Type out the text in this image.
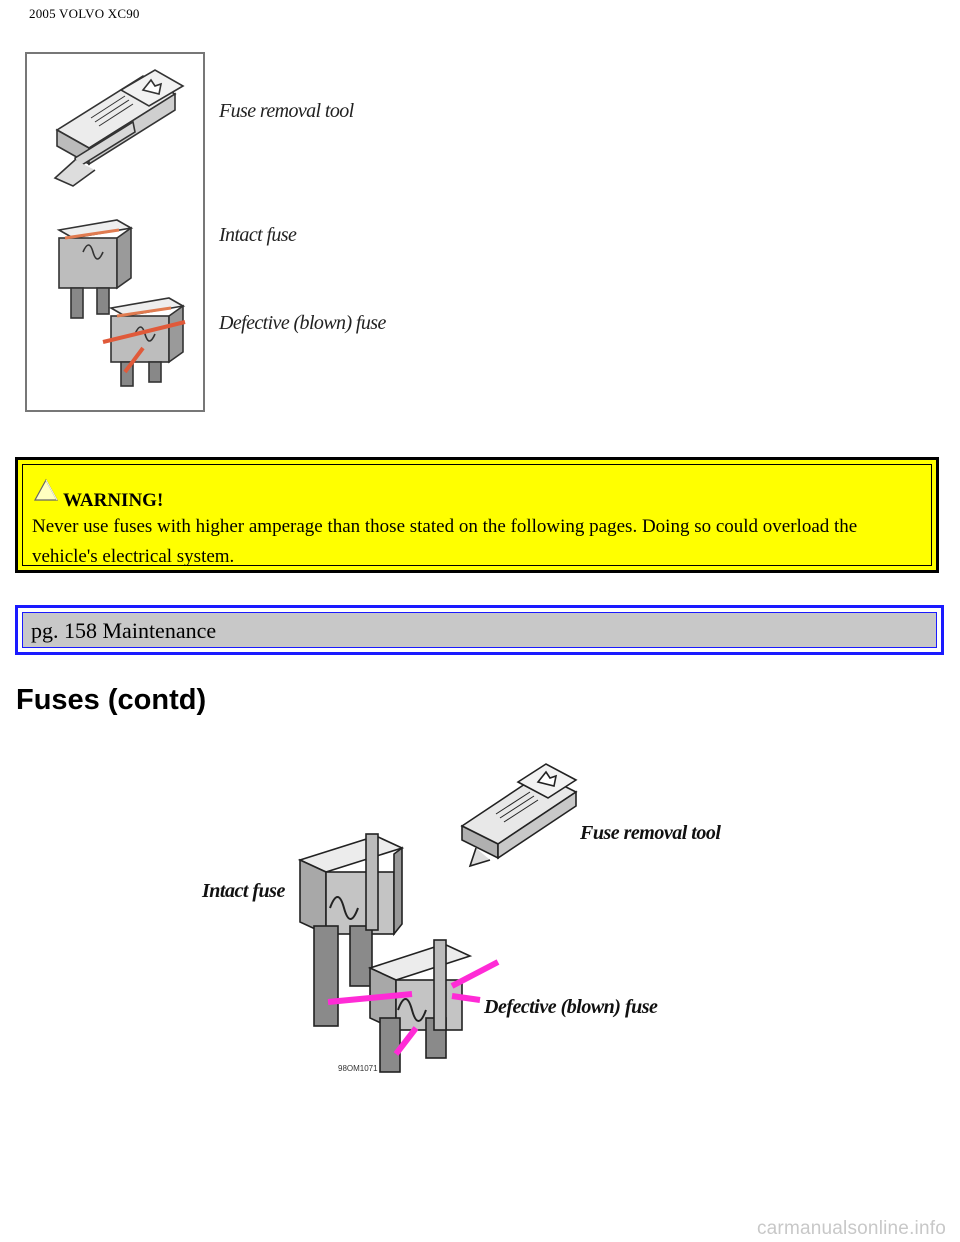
2005 VOLVO XC90
Fuse removal tool
Intact fuse
Defective (blown) fuse
WARNING!
Never use fuses with higher amperage than those stated on the following pages. Doing so could overload the vehicle's electrical system.
pg. 158 Maintenance
Fuses (contd)
Fuse removal tool
Intact fuse
Defective (blown) fuse
98OM1071
carmanualsonline.info
